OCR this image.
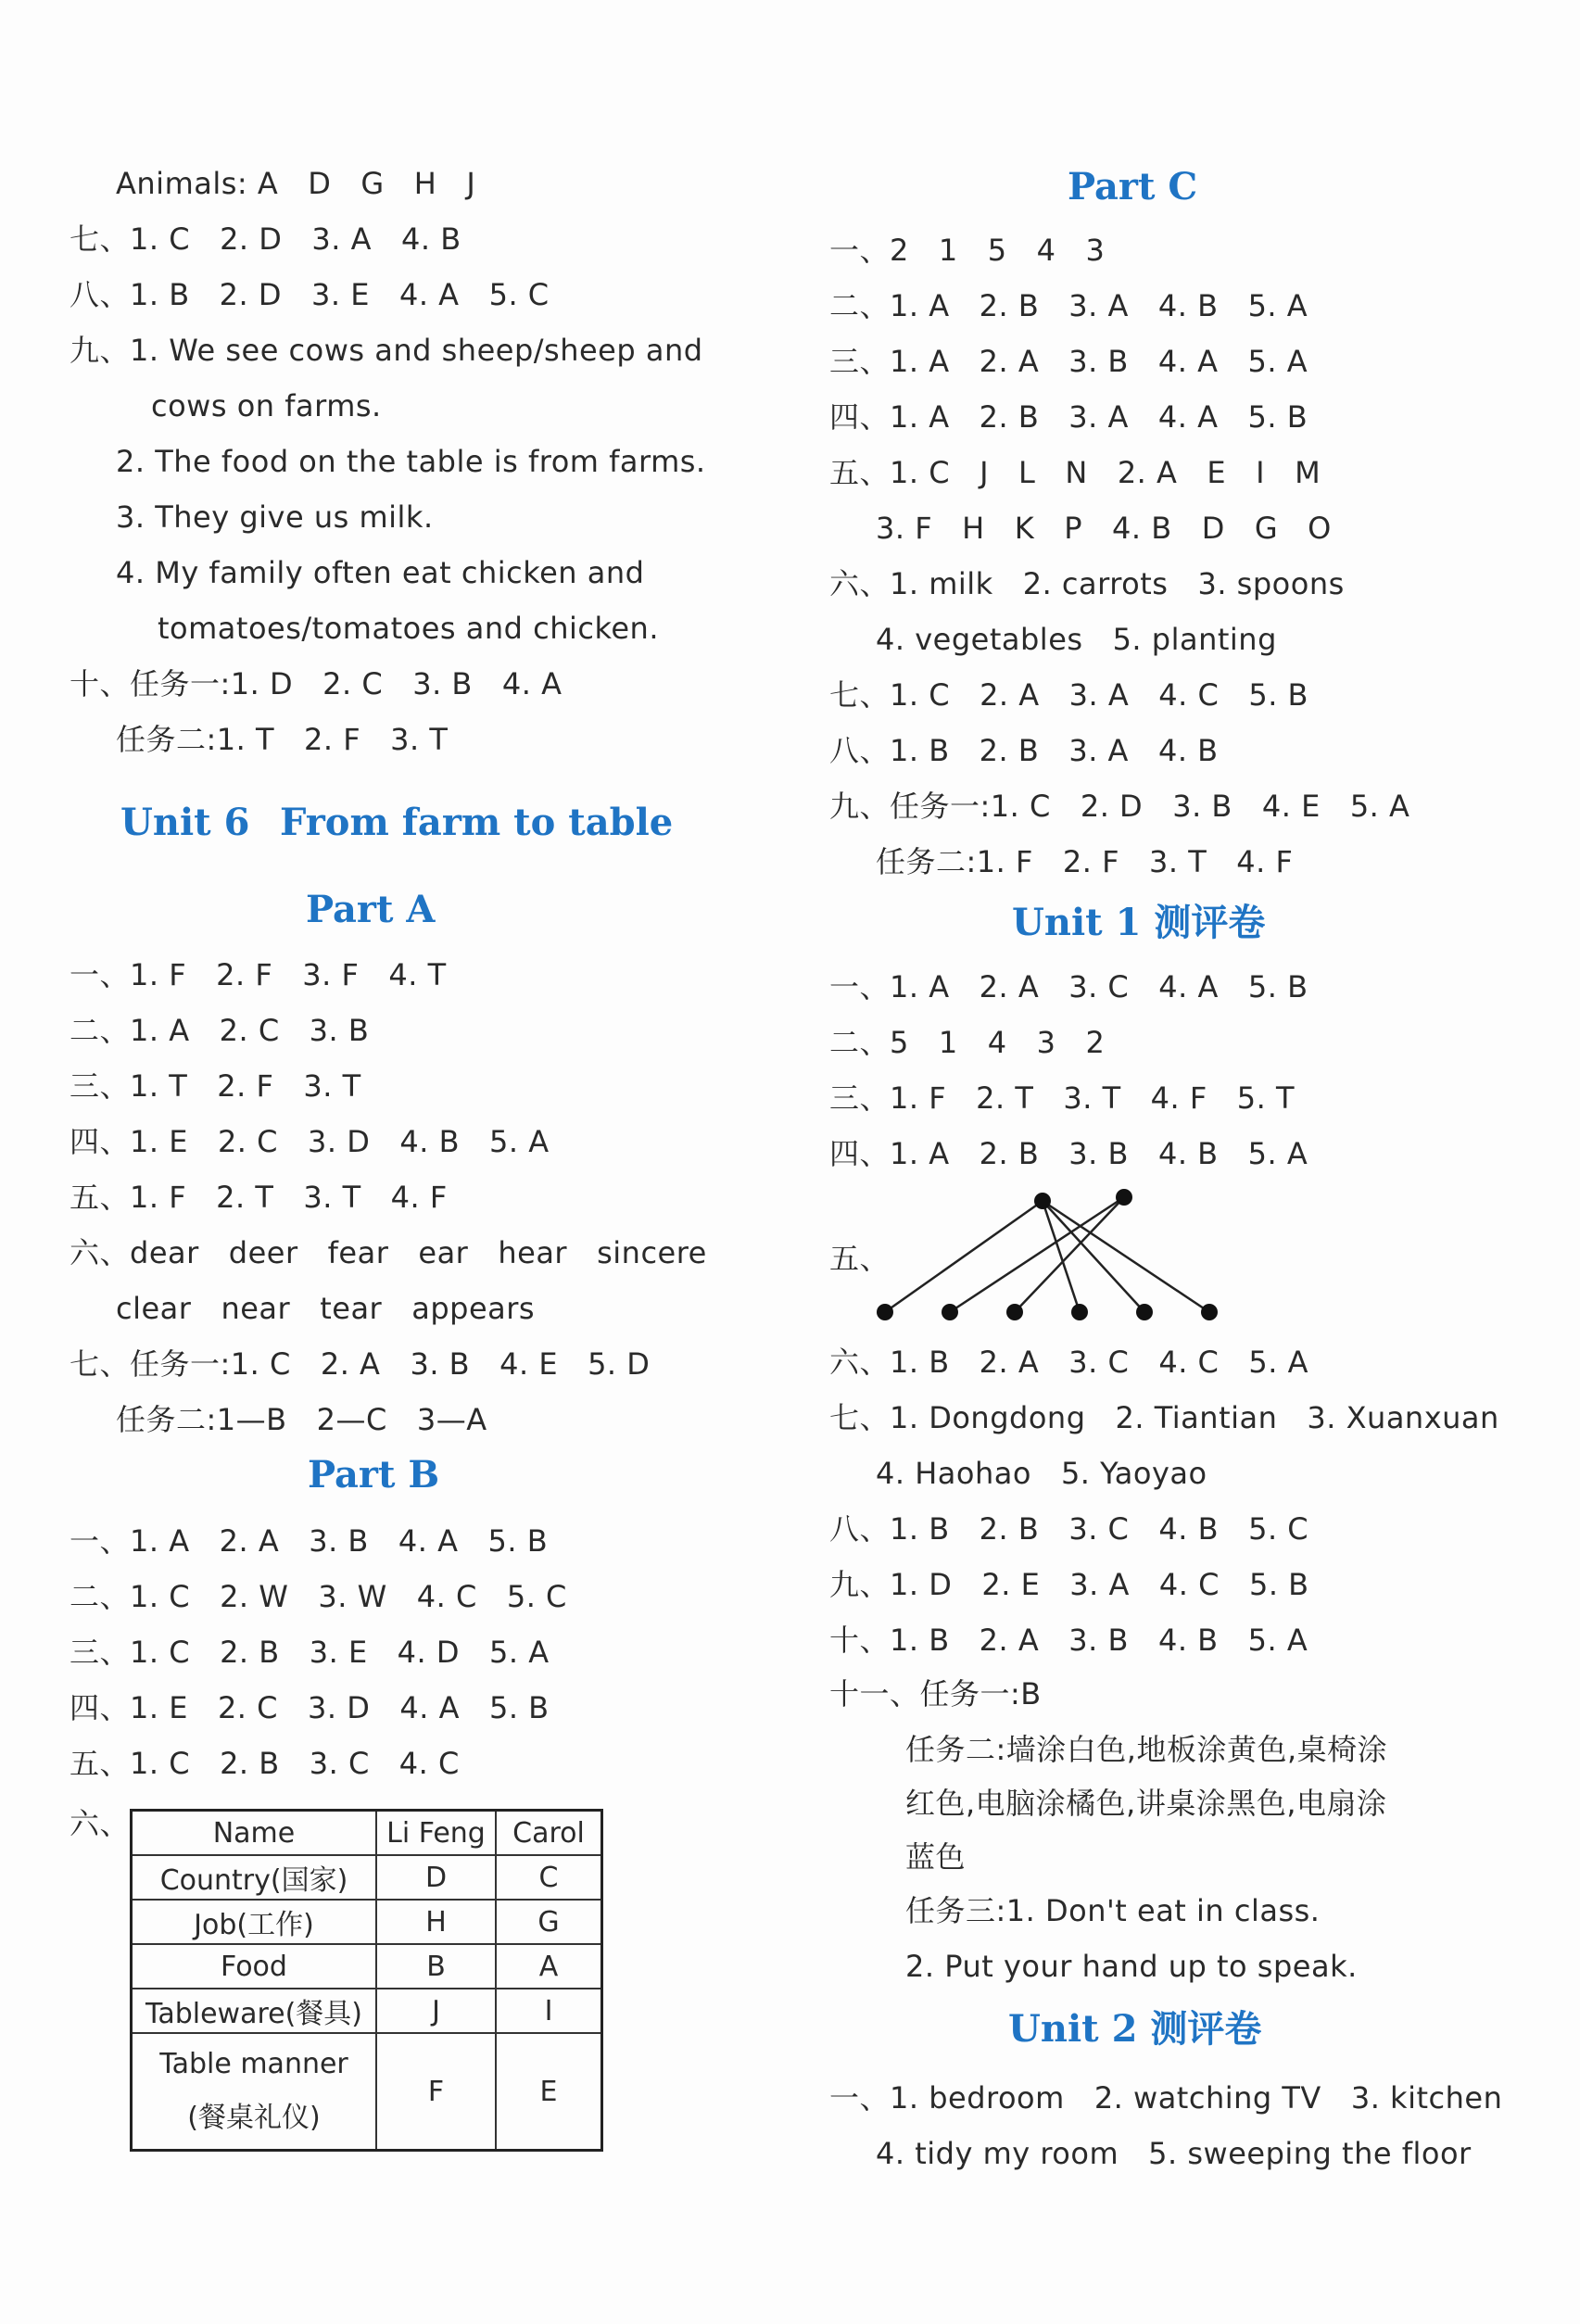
Animals: A   D   G   H   J
七、1. C   2. D   3. A   4. B
八、1. B   2. D   3. E   4. A   5. C
九、1. We see cows and sheep/sheep and
cows on farms.
2. The food on the table is from farms.
3. They give us milk.
4. My family often eat chicken and
tomatoes/tomatoes and chicken.
十、任务一:1. D   2. C   3. B   4. A
任务二:1. T   2. F   3. T
Unit 6 From farm to table
Part A
一、1. F   2. F   3. F   4. T
二、1. A   2. C   3. B
三、1. T   2. F   3. T
四、1. E   2. C   3. D   4. B   5. A
五、1. F   2. T   3. T   4. F
六、dear   deer   fear   ear   hear   sincere
clear   near   tear   appears
七、任务一:1. C   2. A   3. B   4. E   5. D
任务二:1—B   2—C   3—A
Part B
一、1. A   2. A   3. B   4. A   5. B
二、1. C   2. W   3. W   4. C   5. C
三、1. C   2. B   3. E   4. D   5. A
四、1. E   2. C   3. D   4. A   5. B
五、1. C   2. B   3. C   4. C
六、	Name	Li Feng	Carol
Country(国家)	D	C
Job(工作)	H	G
Food	B	A
Tableware(餐具)	J	I

Table manner
(餐桌礼仪)	F	E
Part C
一、2   1   5   4   3
二、1. A   2. B   3. A   4. B   5. A
三、1. A   2. A   3. B   4. A   5. A
四、1. A   2. B   3. A   4. A   5. B
五、1. C   J   L   N   2. A   E   I   M
3. F   H   K   P   4. B   D   G   O
六、1. milk   2. carrots   3. spoons
4. vegetables   5. planting
七、1. C   2. A   3. A   4. C   5. B
八、1. B   2. B   3. A   4. B
九、任务一:1. C   2. D   3. B   4. E   5. A
任务二:1. F   2. F   3. T   4. F
Unit 1 测评卷
一、1. A   2. A   3. C   4. A   5. B
二、5   1   4   3   2
三、1. F   2. T   3. T   4. F   5. T
四、1. A   2. B   3. B   4. B   5. A
五、
六、1. B   2. A   3. C   4. C   5. A
七、1. Dongdong   2. Tiantian   3. Xuanxuan
4. Haohao   5. Yaoyao
八、1. B   2. B   3. C   4. B   5. C
九、1. D   2. E   3. A   4. C   5. B
十、1. B   2. A   3. B   4. B   5. A
十一、任务一:B
任务二:墙涂白色,地板涂黄色,桌椅涂
红色,电脑涂橘色,讲桌涂黑色,电扇涂
蓝色
任务三:1. Don't eat in class.
2. Put your hand up to speak.
Unit 2 测评卷
一、1. bedroom   2. watching TV   3. kitchen
4. tidy my room   5. sweeping the floor
